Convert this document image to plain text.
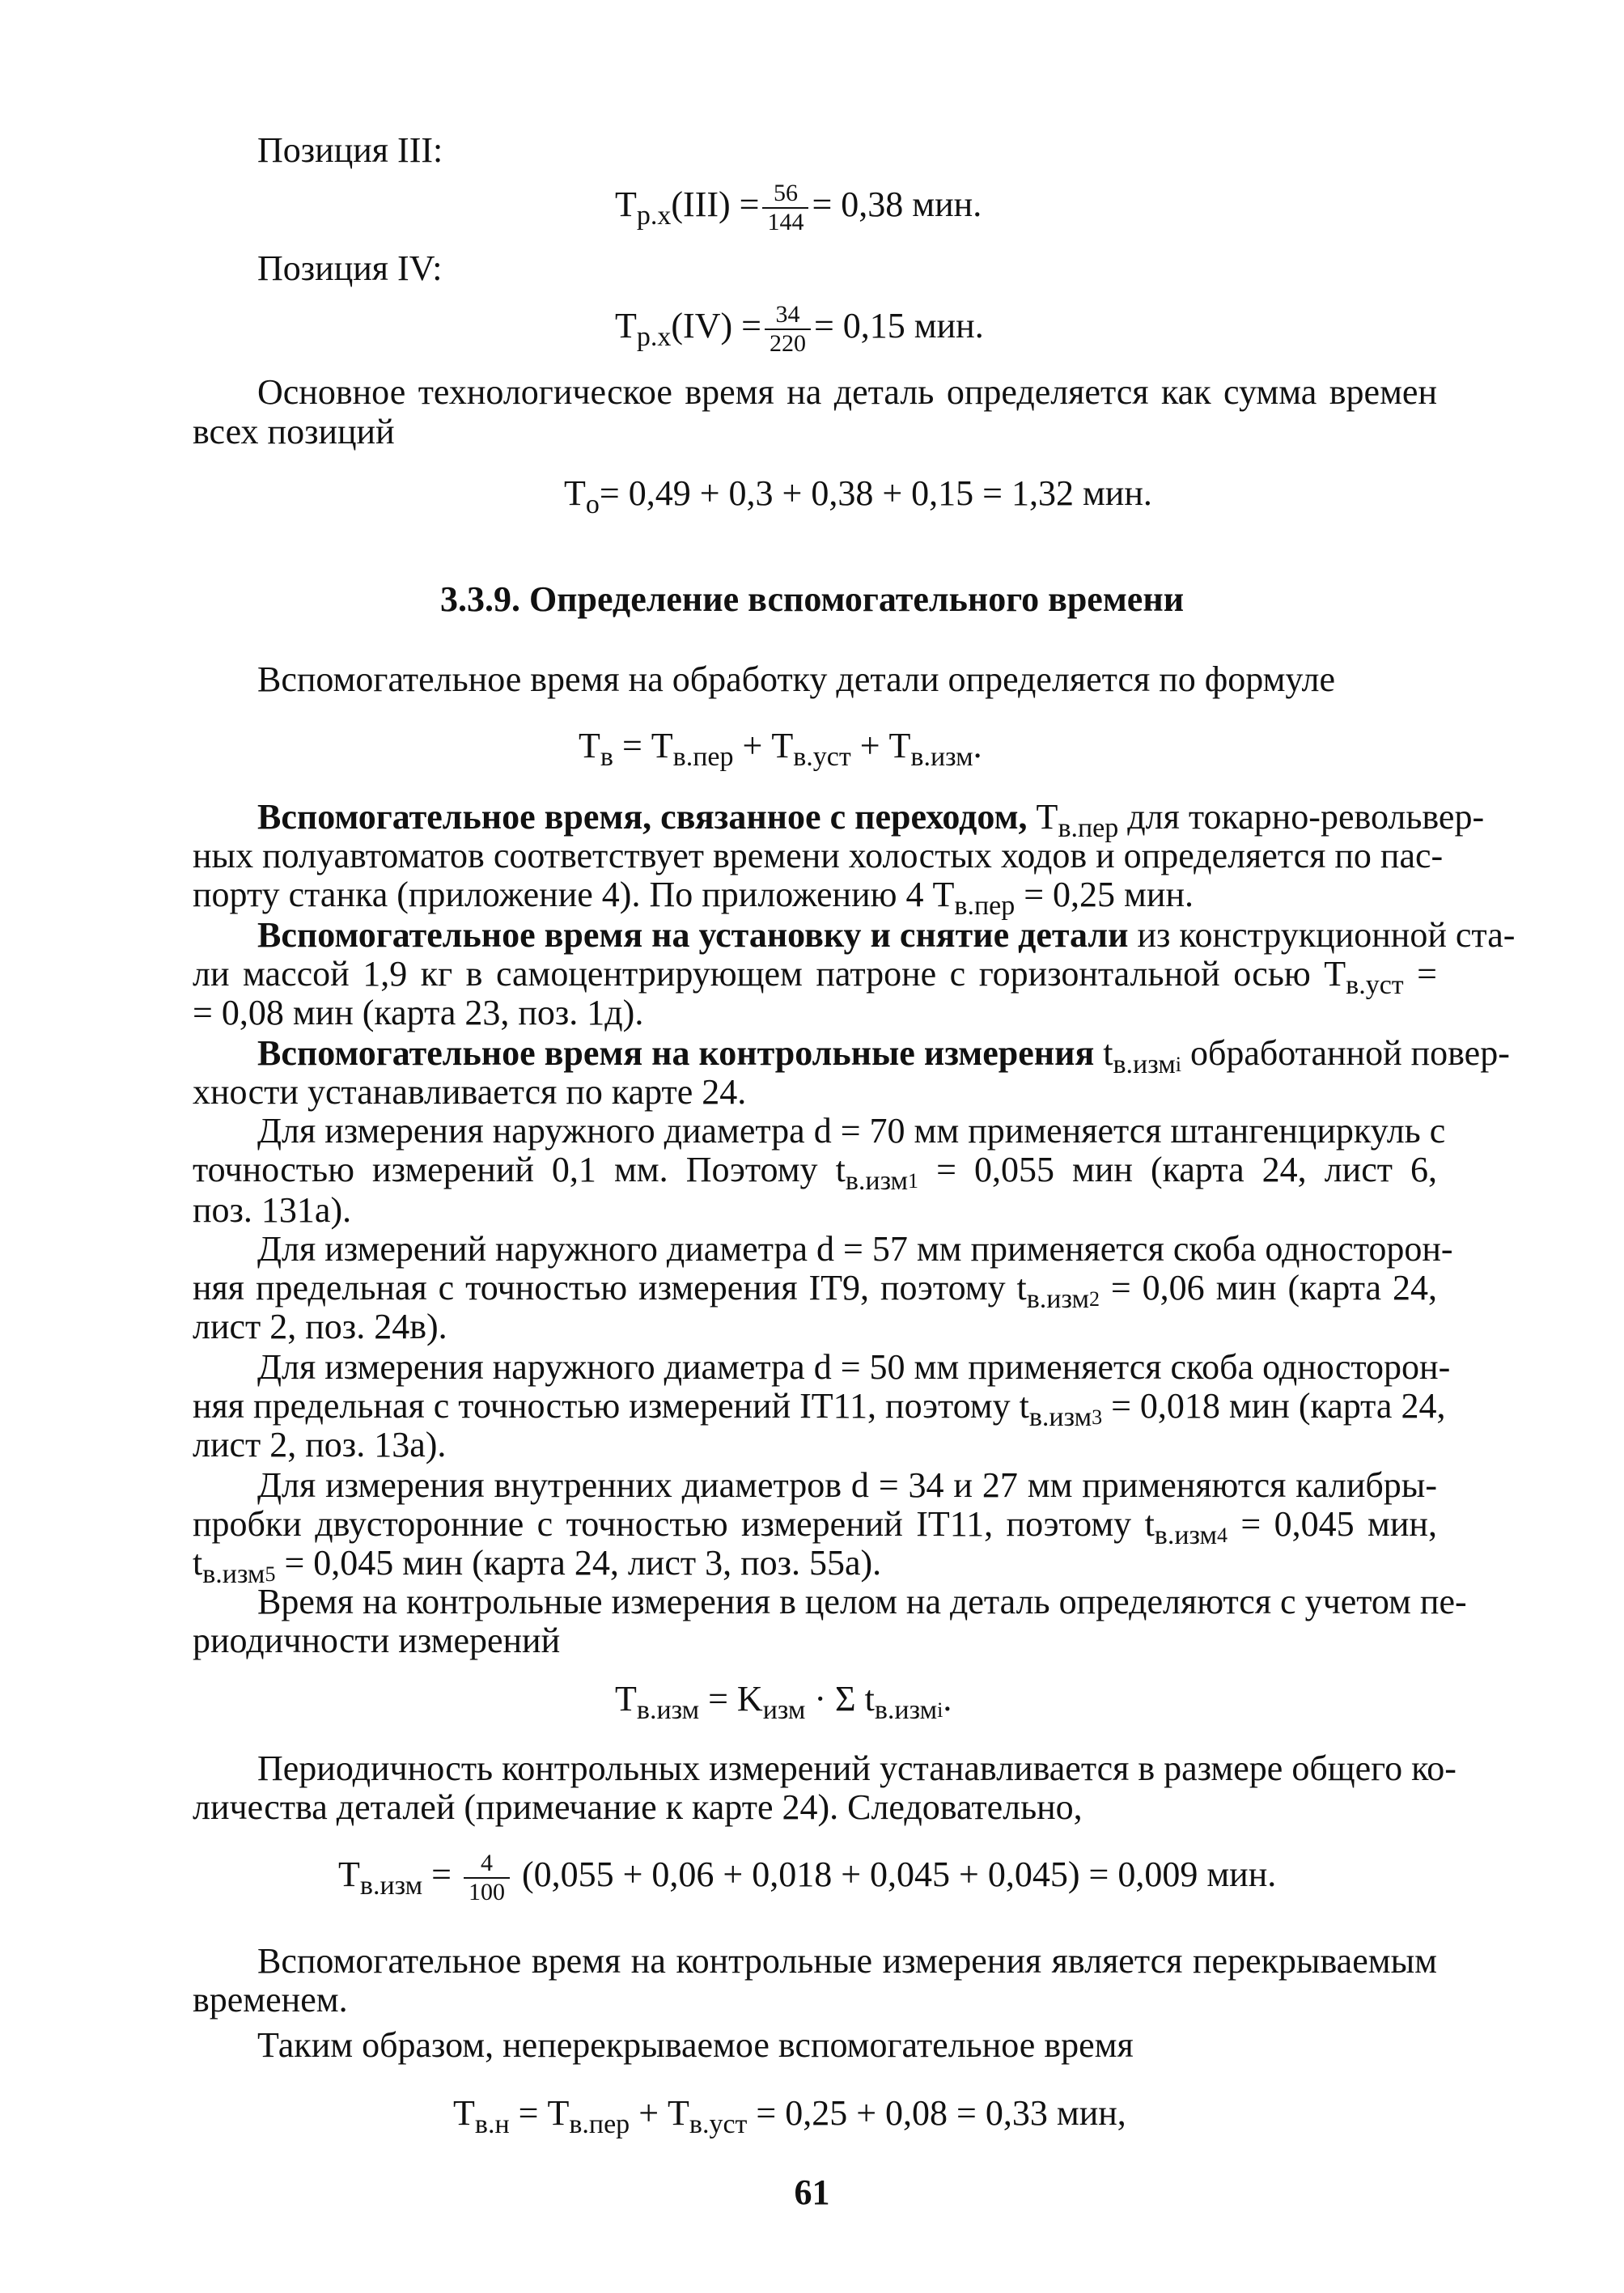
Позиция III:
$T_{р.х}(III) = \frac{56}{144} = 0,38$ мин.
Позиция IV:
$T_{р.х}(IV) = \frac{34}{220} = 0,15$ мин.
Основное технологическое время на деталь определяется как сумма времен
всех позиций
$T_о= 0,49 + 0,3 + 0,38 + 0,15 = 1,32$ мин.
3.3.9. Определение вспомогательного времени
Вспомогательное время на обработку детали определяется по формуле
$T_в = T_{в.пер} + T_{в.уст} + T_{в.изм}$.
Вспомогательное время, связанное с переходом, $T_{в.пер}$ для токарно-револьвер-
ных полуавтоматов соответствует времени холостых ходов и определяется по пас-
порту станка (приложение 4). По приложению 4 $T_{в.пер} = 0,25$ мин.
Вспомогательное время на установку и снятие детали из конструкционной ста-
ли массой 1,9 кг в самоцентрирующем патроне с горизонтальной осью $T_{в.уст}$ =
= 0,08 мин (карта 23, поз. 1д).
Вспомогательное время на контрольные измерения $t_{в.изм}i$ обработанной повер-
хности устанавливается по карте 24.
Для измерения наружного диаметра d = 70 мм применяется штангенциркуль с
точностью измерений 0,1 мм. Поэтому $t_{в.изм}1 = 0,055$ мин (карта 24, лист 6,
поз. 131а).
Для измерений наружного диаметра d = 57 мм применяется скоба односторон-
няя предельная с точностью измерения IT9, поэтому $t_{в.изм}2 = 0,06$ мин (карта 24,
лист 2, поз. 24в).
Для измерения наружного диаметра d = 50 мм применяется скоба односторон-
няя предельная с точностью измерений IT11, поэтому $t_{в.изм}3 = 0,018$ мин (карта 24,
лист 2, поз. 13а).
Для измерения внутренних диаметров d = 34 и 27 мм применяются калибры-
пробки двусторонние с точностью измерений IT11, поэтому $t_{в.изм}4 = 0,045$ мин,
$t_{в.изм}5 = 0,045$ мин (карта 24, лист 3, поз. 55а).
Время на контрольные измерения в целом на деталь определяются с учетом пе-
риодичности измерений
$T_{в.изм} = K_{изм} \cdot \Sigma$ $t_{в.изм}i$.
Периодичность контрольных измерений устанавливается в размере общего ко-
личества деталей (примечание к карте 24). Следовательно,
$T_{в.изм} = \frac{4}{100} (0,055 + 0,06 + 0,018 + 0,045 + 0,045) = 0,009$ мин.
Вспомогательное время на контрольные измерения является перекрываемым
временем.
Таким образом, неперекрываемое вспомогательное время
$T_{в.н} = T_{в.пер} + T_{в.уст} = 0,25 + 0,08 = 0,33$ мин,
61
